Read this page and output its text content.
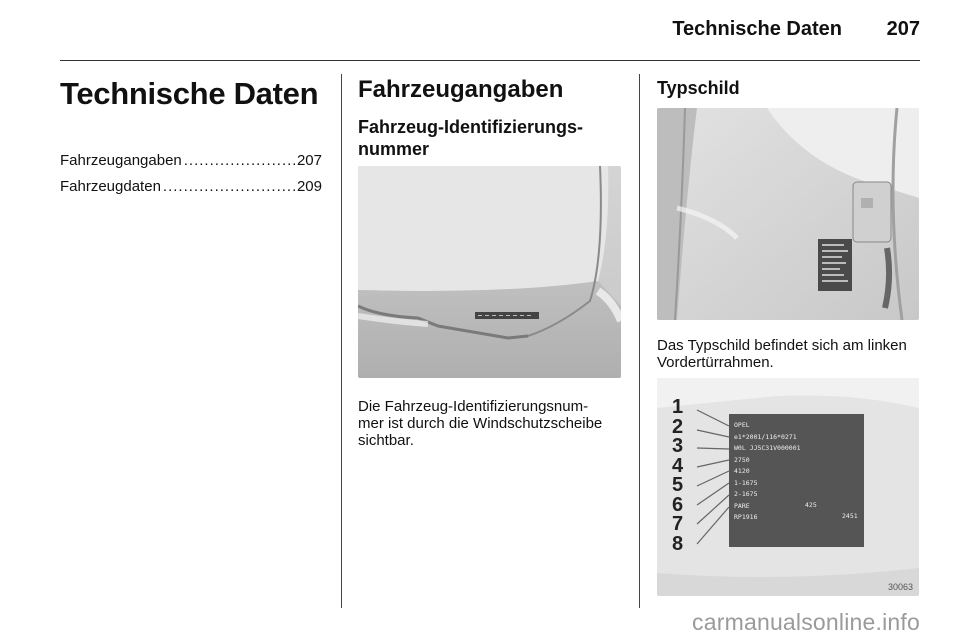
Technische Daten 207
Technische Daten
Fahrzeugangaben .....	207
Fahrzeugdaten .....	209
Fahrzeugangaben
Fahrzeug-Identifizierungs-
nummer
Die Fahrzeug-Identifizierungsnum-
mer ist durch die Windschutzscheibe
sichtbar.
Typschild
Das Typschild befindet sich am linken
Vordertürrahmen.
1
2
3
4
5
6
7
8
OPEL
e1*2001/116*0271
W0L JJ5C31V000001
2750
4120
1-1675
2-1675
PARE
RP1916
425
2451
30063
carmanualsonline.info
